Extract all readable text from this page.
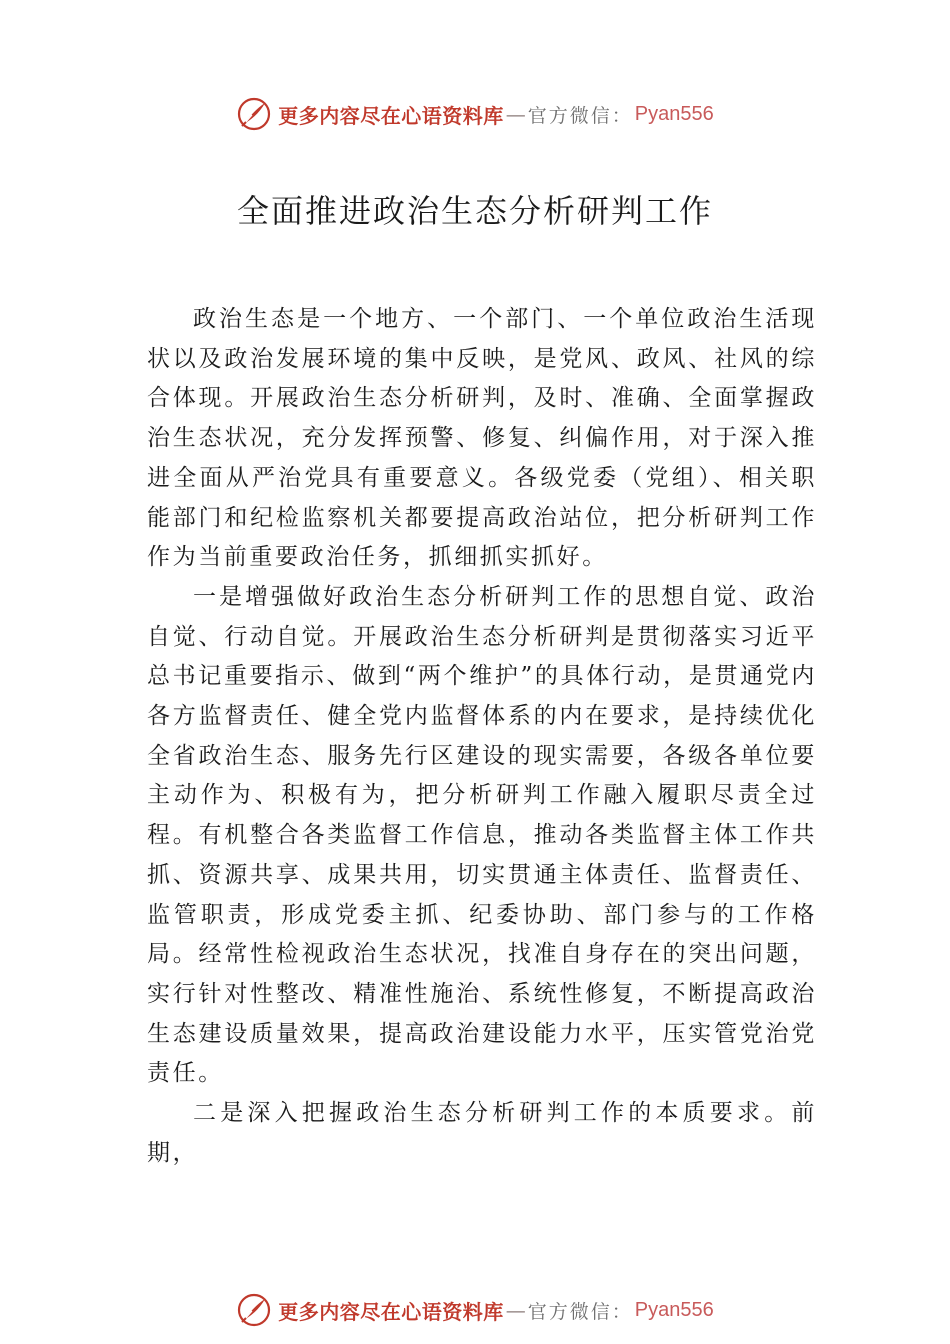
更多内容尽在心语资料库 — 官方微信 ： Pyan556
全面推进政治生态分析研判工作

政治生态是一个地方、一个部门、一个单位政治生活现状以及政治发展环境的集中反映，是党风、政风、社风的综合体现。开展政治生态分析研判，及时、准确、全面掌握政治生态状况，充分发挥预警、修复、纠偏作用，对于深入推进全面从严治党具有重要意义。各级党委（党组）、相关职能部门和纪检监察机关都要提高政治站位，把分析研判工作作为当前重要政治任务，抓细抓实抓好。

一是增强做好政治生态分析研判工作的思想自觉、政治自觉、行动自觉。开展政治生态分析研判是贯彻落实习近平总书记重要指示、做到“两个维护”的具体行动，是贯通党内各方监督责任、健全党内监督体系的内在要求，是持续优化全省政治生态、服务先行区建设的现实需要，各级各单位要主动作为、积极有为，把分析研判工作融入履职尽责全过程。有机整合各类监督工作信息，推动各类监督主体工作共抓、资源共享、成果共用，切实贯通主体责任、监督责任、 监管职责，形成党委主抓、纪委协助、部门参与的工作格局。经常性检视政治生态状况，找准自身存在的突出问题，实行针对性整改、精准性施治、系统性修复，不断提高政治生态建设质量效果，提高政治建设能力水平，压实管党治党责任。

二是深入把握政治生态分析研判工作的本质要求。前期，

更多内容尽在心语资料库 — 官方微信 ： Pyan556
